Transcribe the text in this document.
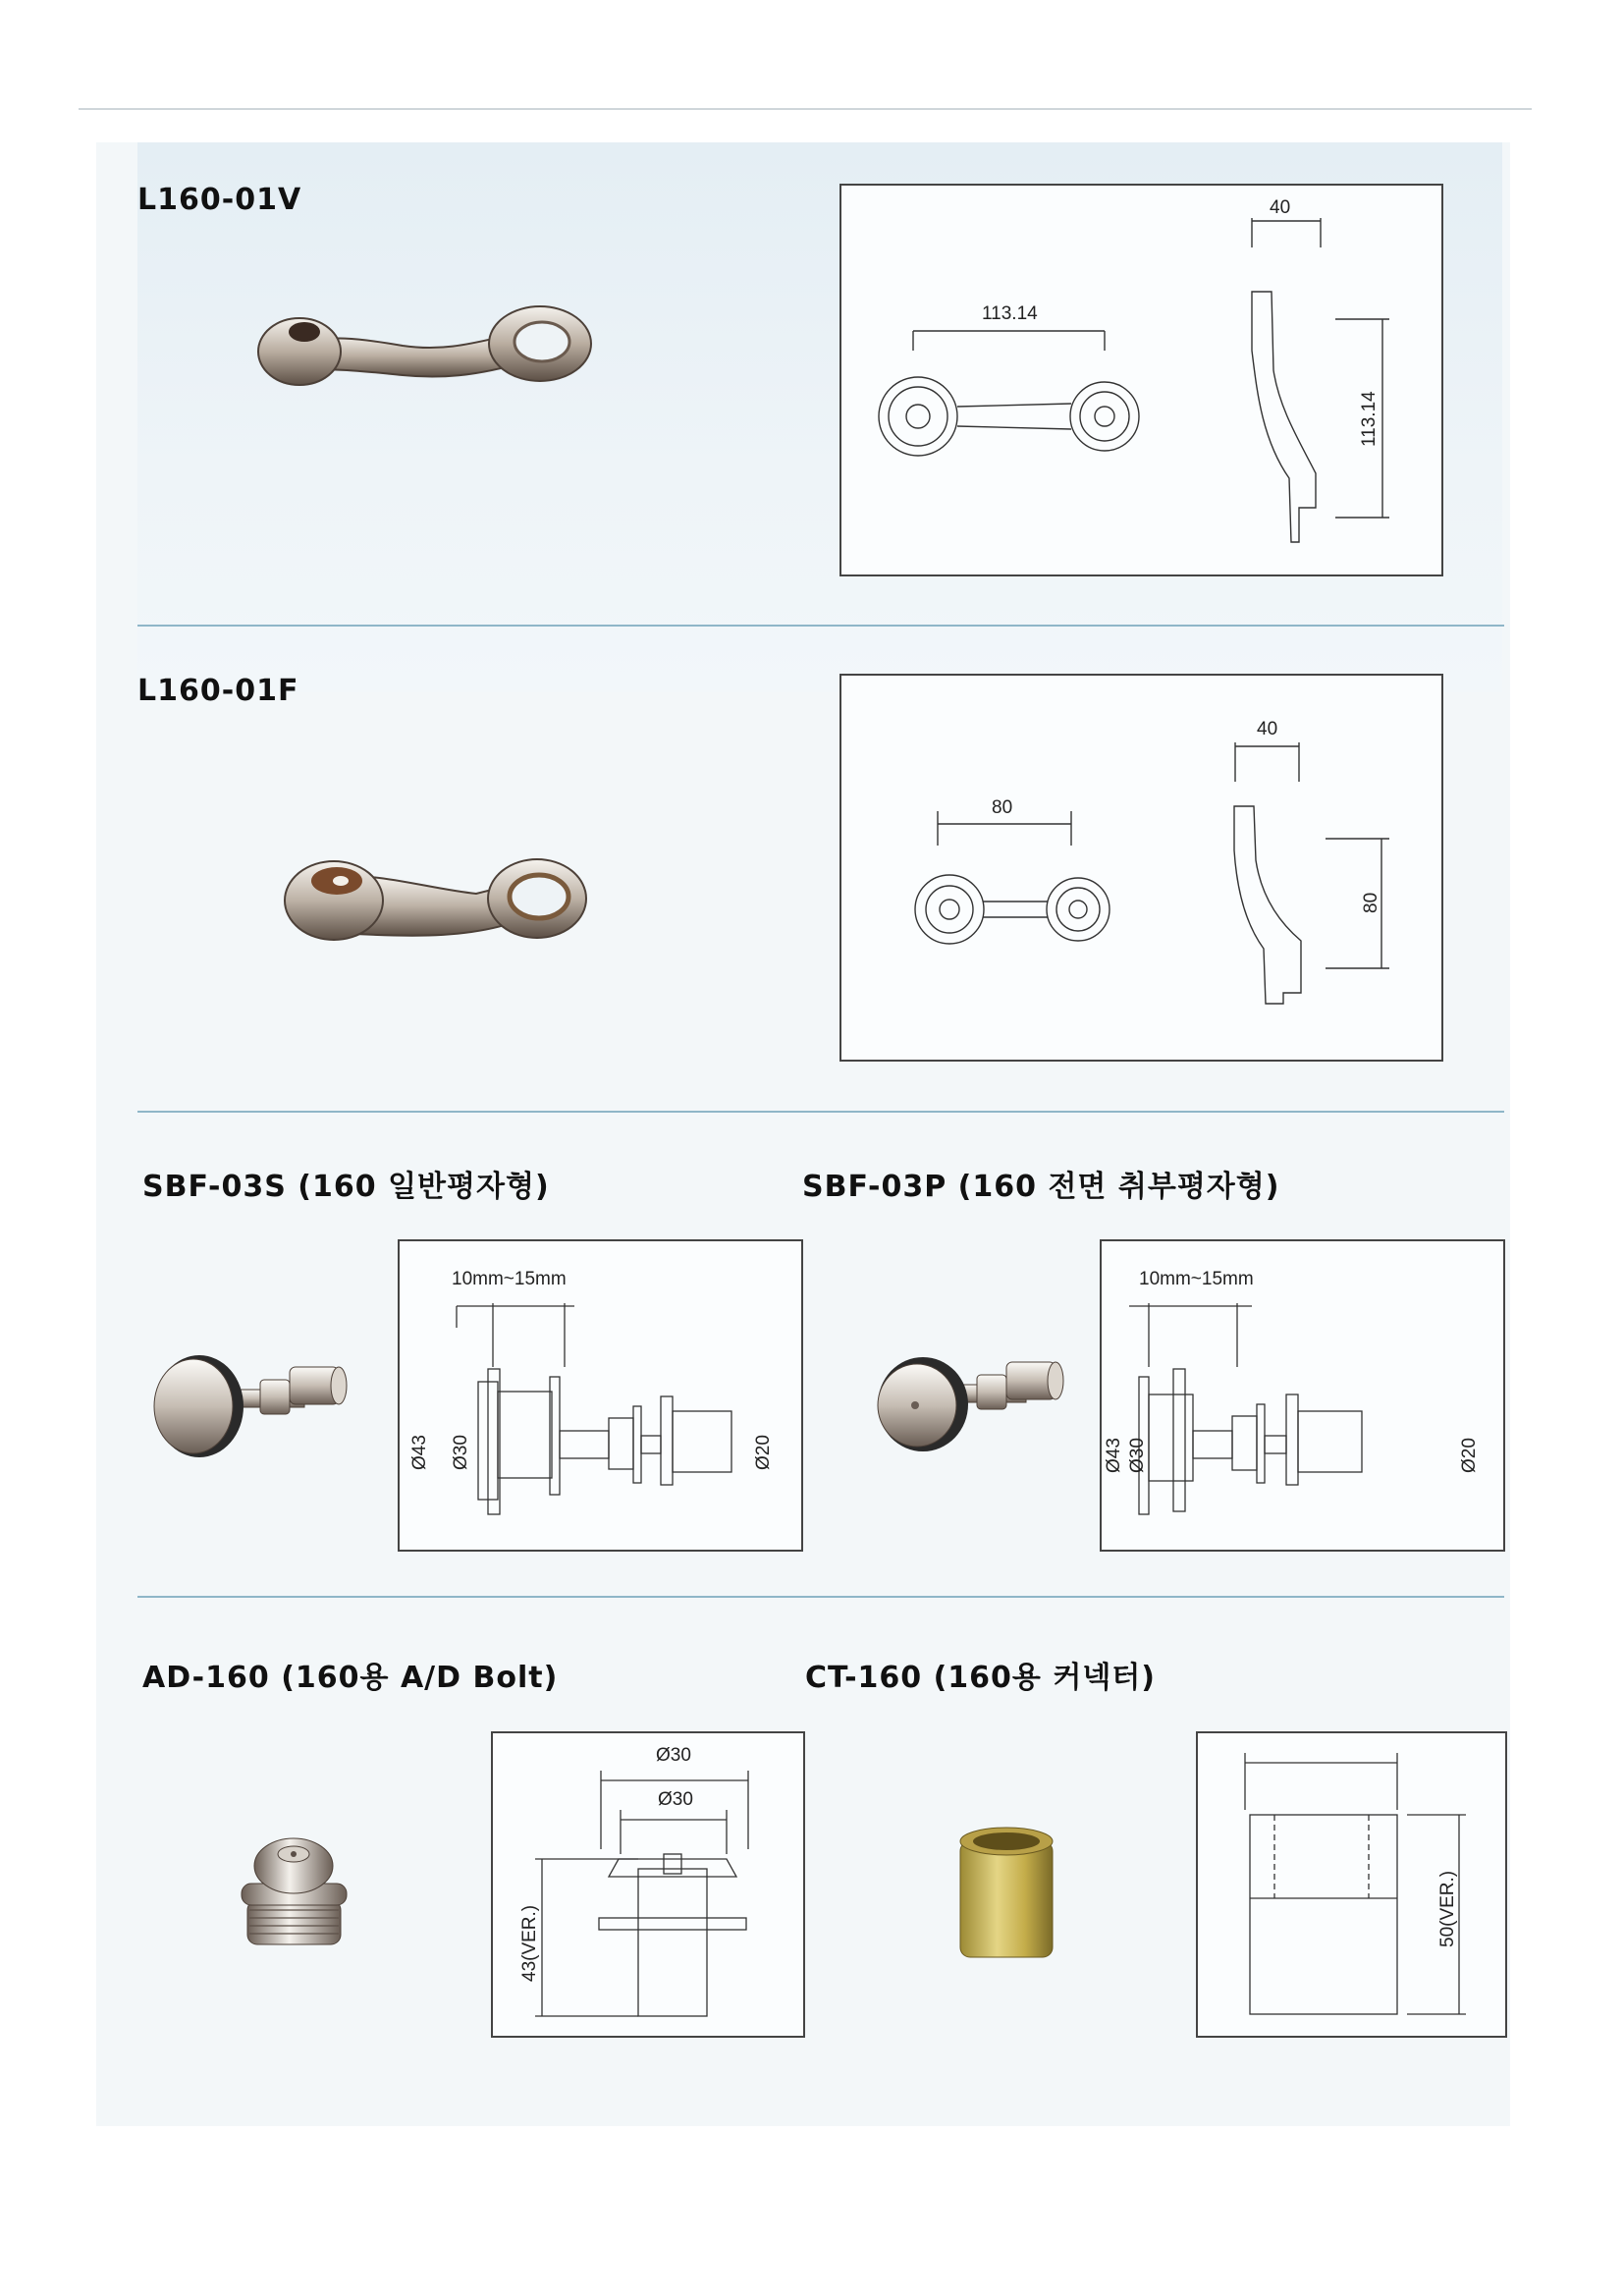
L160-01V
113.14
40
113.14
L160-01F
80
40
80
SBF-03S (160 일반평자형)
10mm~15mm
Ø43 Ø30	Ø20
SBF-03P (160 전면 취부평자형)
10mm~15mm
Ø43 Ø30	Ø20
AD-160 (160용 A/D Bolt)
Ø30
Ø30
43(VER.)
CT-160 (160용 커넥터)
50(VER.)
